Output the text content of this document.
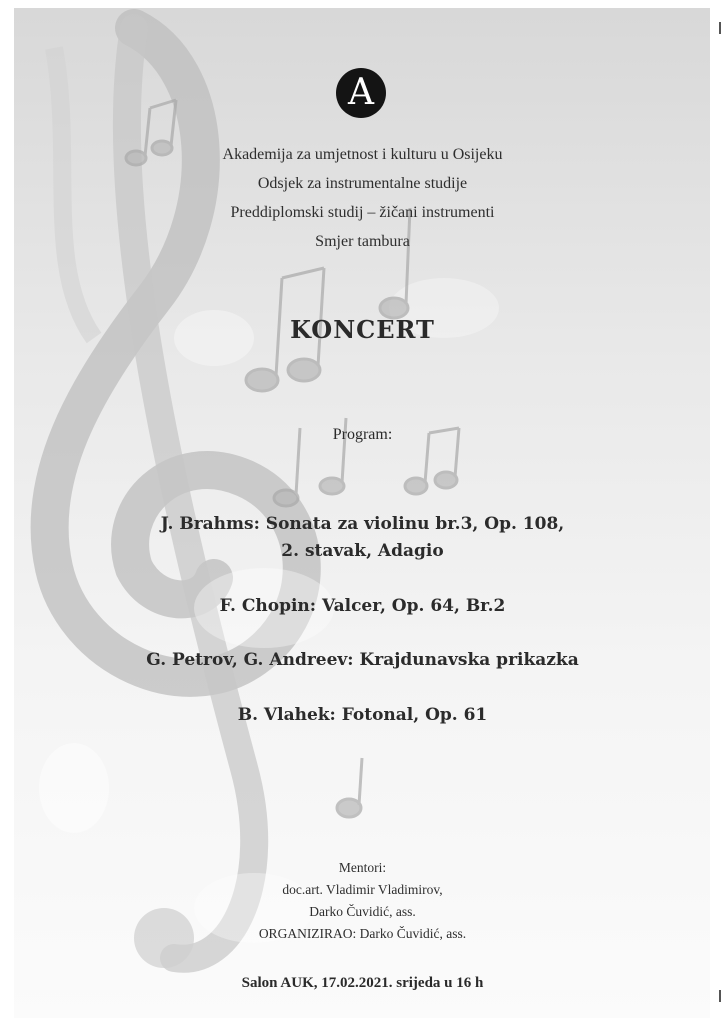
A
Akademija za umjetnost i kulturu u Osijeku
Odsjek za instrumentalne studije
Preddiplomski studij – žičani instrumenti
Smjer tambura
KONCERT
Program:
J. Brahms: Sonata za violinu br.3, Op. 108,
2. stavak, Adagio
F. Chopin: Valcer, Op. 64, Br.2
G. Petrov, G. Andreev: Krajdunavska prikazka
B. Vlahek: Fotonal, Op. 61
Mentori:
doc.art. Vladimir Vladimirov,
Darko Čuvidić, ass.
ORGANIZIRAO: Darko Čuvidić, ass.
Salon AUK, 17.02.2021. srijeda u 16 h
